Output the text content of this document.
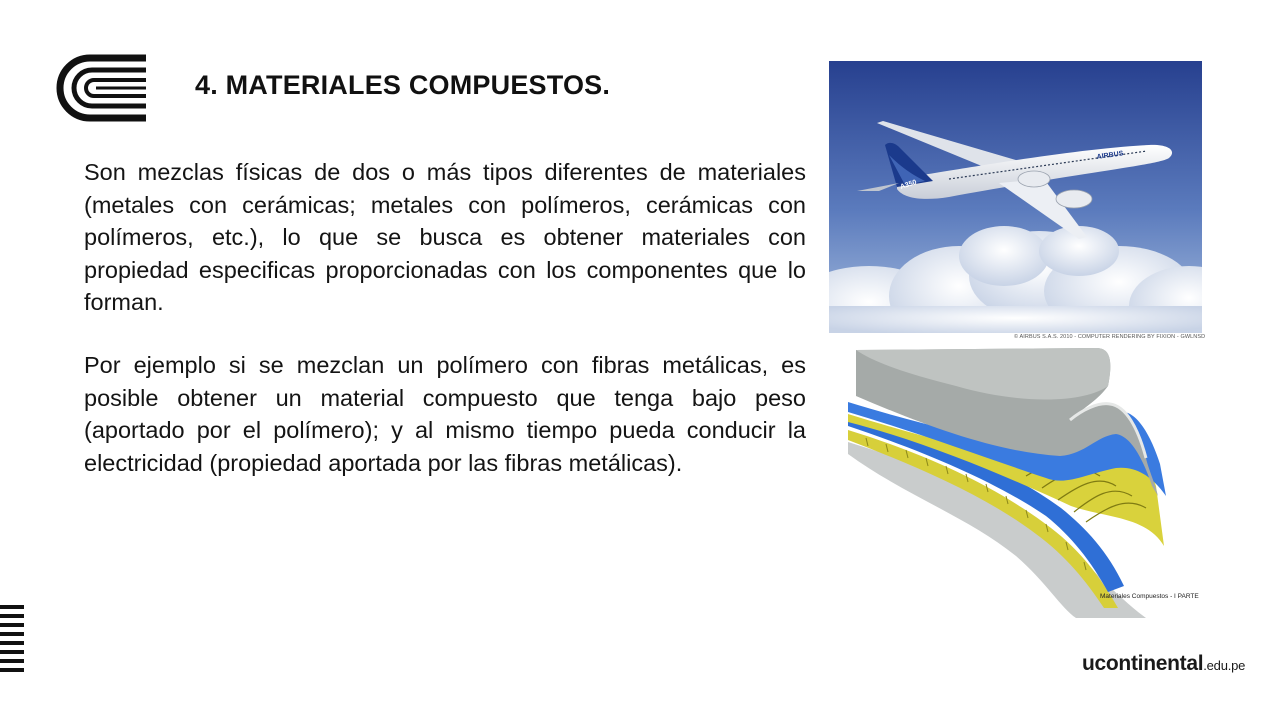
4. MATERIALES COMPUESTOS.

Son mezclas físicas de dos o más tipos diferentes de materiales (metales con cerámicas; metales con polímeros, cerámicas con polímeros, etc.), lo que se busca es obtener materiales con propiedad especificas proporcionadas con los componentes que lo forman.

Por ejemplo si se mezclan un polímero con fibras metálicas, es posible obtener un material compuesto que tenga bajo peso (aportado por el polímero); y al mismo tiempo pueda conducir la electricidad (propiedad aportada por las fibras metálicas).

A350
AIRBUS
© AIRBUS S.A.S. 2010 - COMPUTER RENDERING BY FIXION - GWLNSD
Materiales Compuestos - I PARTE
ucontinental.edu.pe
